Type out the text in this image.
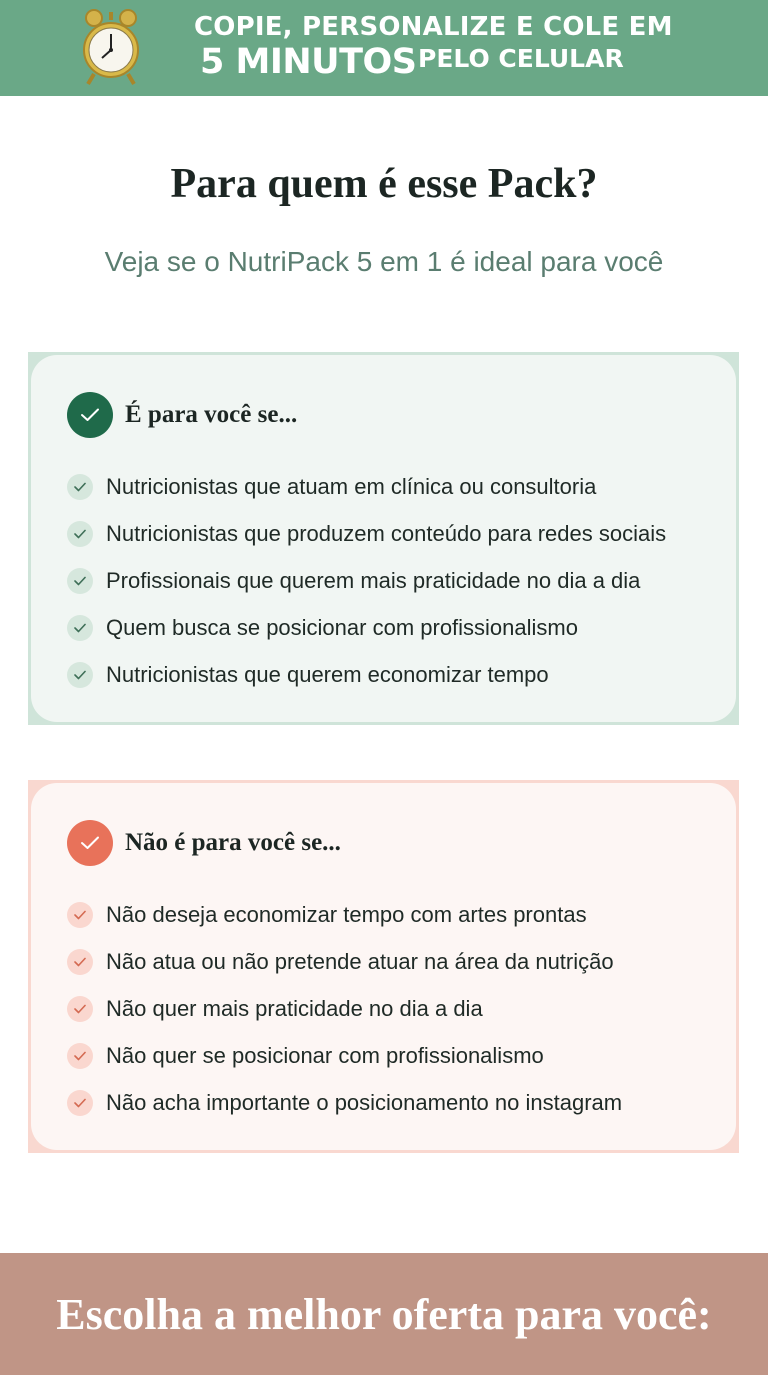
COPIE, PERSONALIZE E COLE EM
5 MINUTOS PELO CELULAR
Para quem é esse Pack?

Veja se o NutriPack 5 em 1 é ideal para você

É para você se...
Nutricionistas que atuam em clínica ou consultoria
Nutricionistas que produzem conteúdo para redes sociais
Profissionais que querem mais praticidade no dia a dia
Quem busca se posicionar com profissionalismo
Nutricionistas que querem economizar tempo
Não é para você se...
Não deseja economizar tempo com artes prontas
Não atua ou não pretende atuar na área da nutrição
Não quer mais praticidade no dia a dia
Não quer se posicionar com profissionalismo
Não acha importante o posicionamento no instagram
Escolha a melhor oferta para você:
